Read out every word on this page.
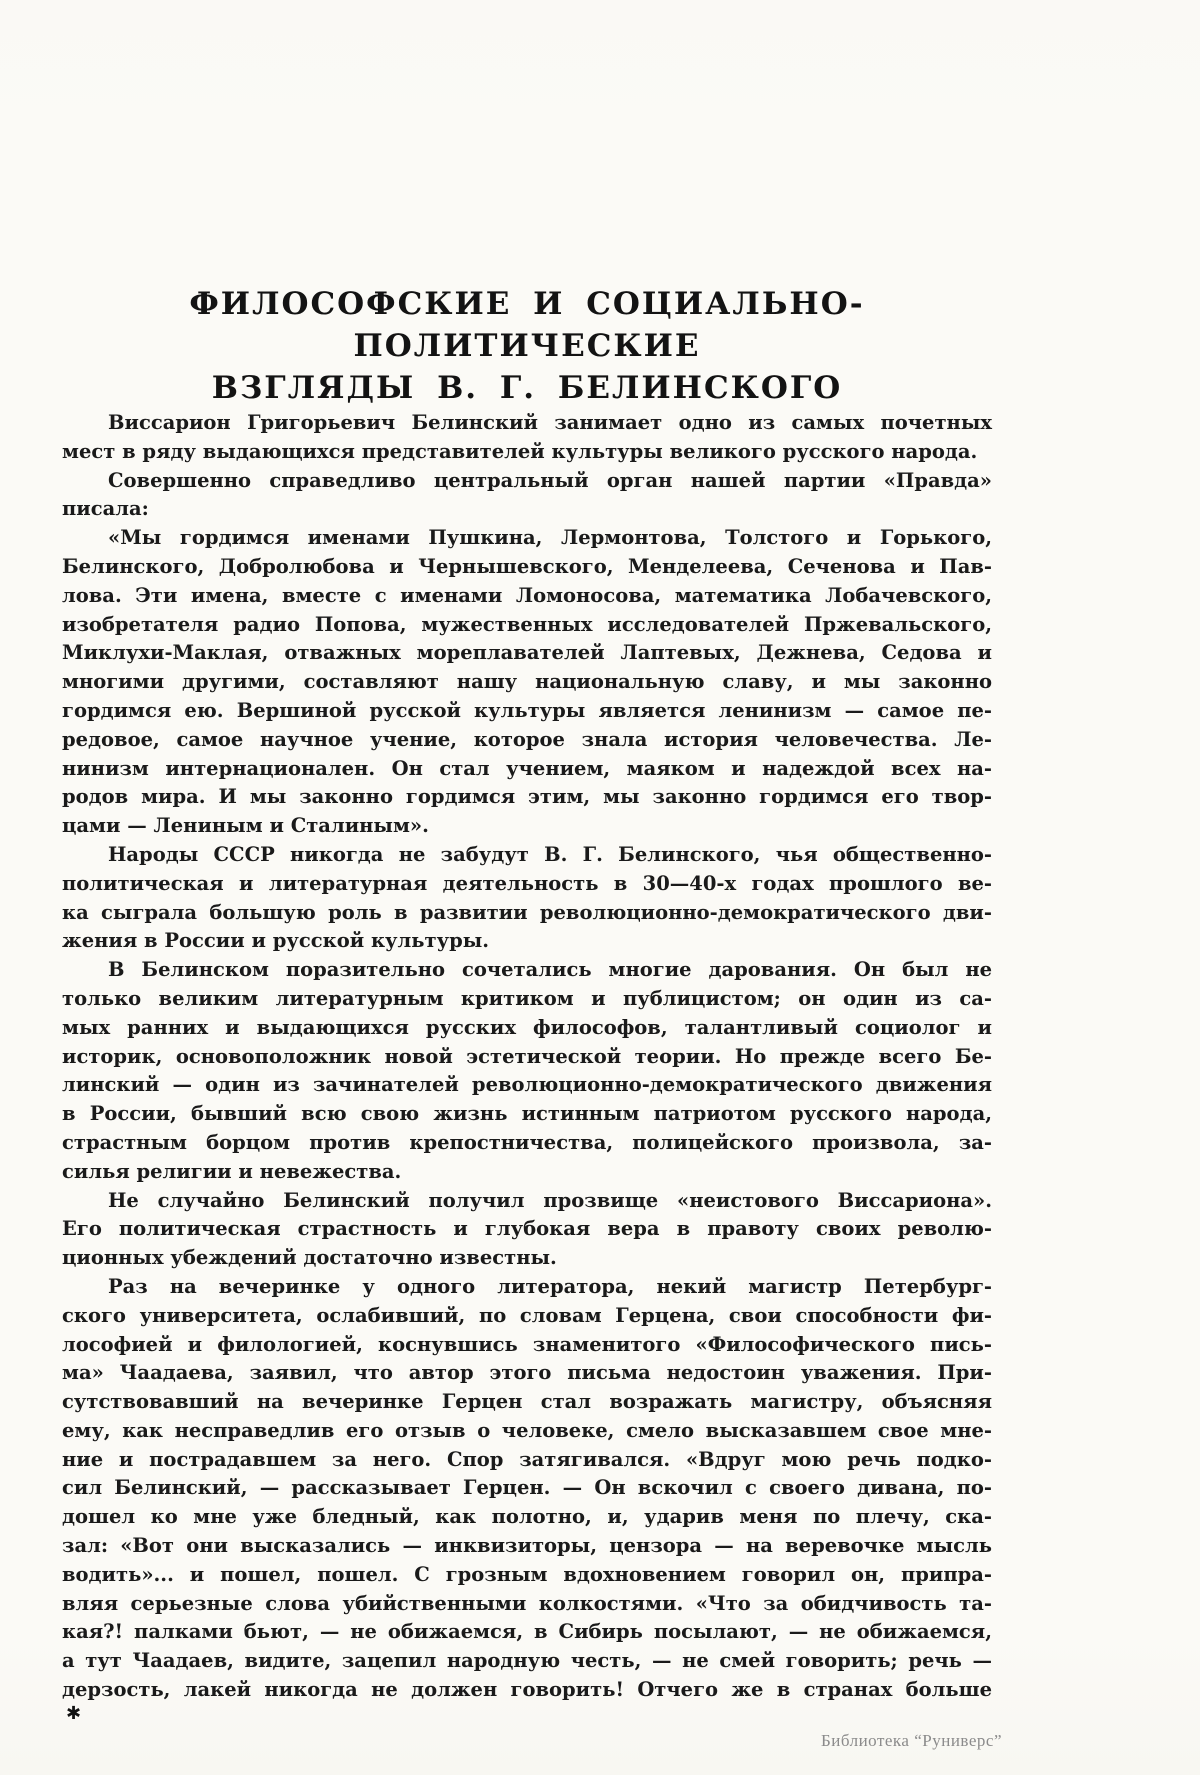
ФИЛОСОФСКИЕ И СОЦИАЛЬНО-ПОЛИТИЧЕСКИЕ
ВЗГЛЯДЫ В. Г. БЕЛИНСКОГО
Виссарион Григорьевич Белинский занимает одно из самых почетных
мест в ряду выдающихся представителей культуры великого русского народа.
Совершенно справедливо центральный орган нашей партии «Правда»
писала:
«Мы гордимся именами Пушкина, Лермонтова, Толстого и Горького,
Белинского, Добролюбова и Чернышевского, Менделеева, Сеченова и Пав-
лова. Эти имена, вместе с именами Ломоносова, математика Лобачевского,
изобретателя радио Попова, мужественных исследователей Пржевальского,
Миклухи-Маклая, отважных мореплавателей Лаптевых, Дежнева, Седова и
многими другими, составляют нашу национальную славу, и мы законно
гордимся ею. Вершиной русской культуры является ленинизм — самое пе-
редовое, самое научное учение, которое знала история человечества. Ле-
нинизм интернационален. Он стал учением, маяком и надеждой всех на-
родов мира. И мы законно гордимся этим, мы законно гордимся его твор-
цами — Лениным и Сталиным».
Народы СССР никогда не забудут В. Г. Белинского, чья общественно-
политическая и литературная деятельность в 30—40-х годах прошлого ве-
ка сыграла большую роль в развитии революционно-демократического дви-
жения в России и русской культуры.
В Белинском поразительно сочетались многие дарования. Он был не
только великим литературным критиком и публицистом; он один из са-
мых ранних и выдающихся русских философов, талантливый социолог и
историк, основоположник новой эстетической теории. Но прежде всего Бе-
линский — один из зачинателей революционно-демократического движения
в России, бывший всю свою жизнь истинным патриотом русского народа,
страстным борцом против крепостничества, полицейского произвола, за-
силья религии и невежества.
Не случайно Белинский получил прозвище «неистового Виссариона».
Его политическая страстность и глубокая вера в правоту своих револю-
ционных убеждений достаточно известны.
Раз на вечеринке у одного литератора, некий магистр Петербург-
ского университета, ослабивший, по словам Герцена, свои способности фи-
лософией и филологией, коснувшись знаменитого «Философического пись-
ма» Чаадаева, заявил, что автор этого письма недостоин уважения. При-
сутствовавший на вечеринке Герцен стал возражать магистру, объясняя
ему, как несправедлив его отзыв о человеке, смело высказавшем свое мне-
ние и пострадавшем за него. Спор затягивался. «Вдруг мою речь подко-
сил Белинский, — рассказывает Герцен. — Он вскочил с своего дивана, по-
дошел ко мне уже бледный, как полотно, и, ударив меня по плечу, ска-
зал: «Вот они высказались — инквизиторы, цензора — на веревочке мысль
водить»... и пошел, пошел. С грозным вдохновением говорил он, припра-
вляя серьезные слова убийственными колкостями. «Что за обидчивость та-
кая?! палками бьют, — не обижаемся, в Сибирь посылают, — не обижаемся,
а тут Чаадаев, видите, зацепил народную честь, — не смей говорить; речь —
дерзость, лакей никогда не должен говорить! Отчего же в странах больше
✱
Библиотека “Руниверс”
